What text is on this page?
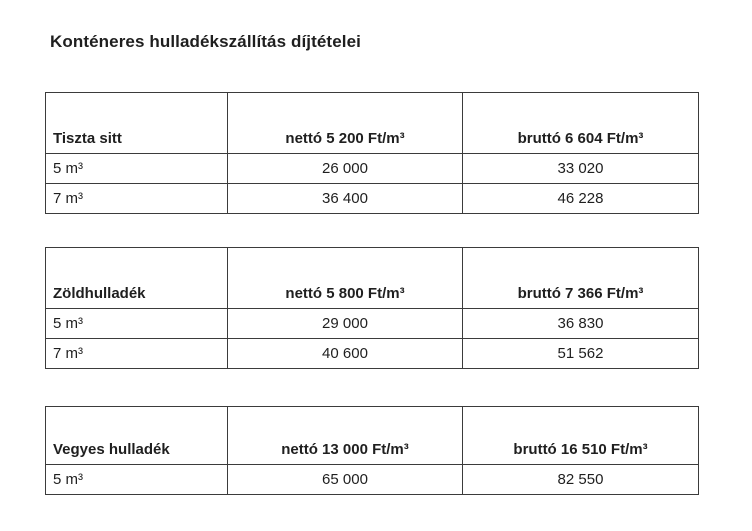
Konténeres hulladékszállítás díjtételei
Tiszta sitt	nettó 5 200 Ft/m³	bruttó 6 604 Ft/m³
5 m³	26 000	33 020
7 m³	36 400	46 228
Zöldhulladék	nettó 5 800 Ft/m³	bruttó 7 366 Ft/m³
5 m³	29 000	36 830
7 m³	40 600	51 562
Vegyes hulladék	nettó 13 000 Ft/m³	bruttó 16 510 Ft/m³
5 m³	65 000	82 550
